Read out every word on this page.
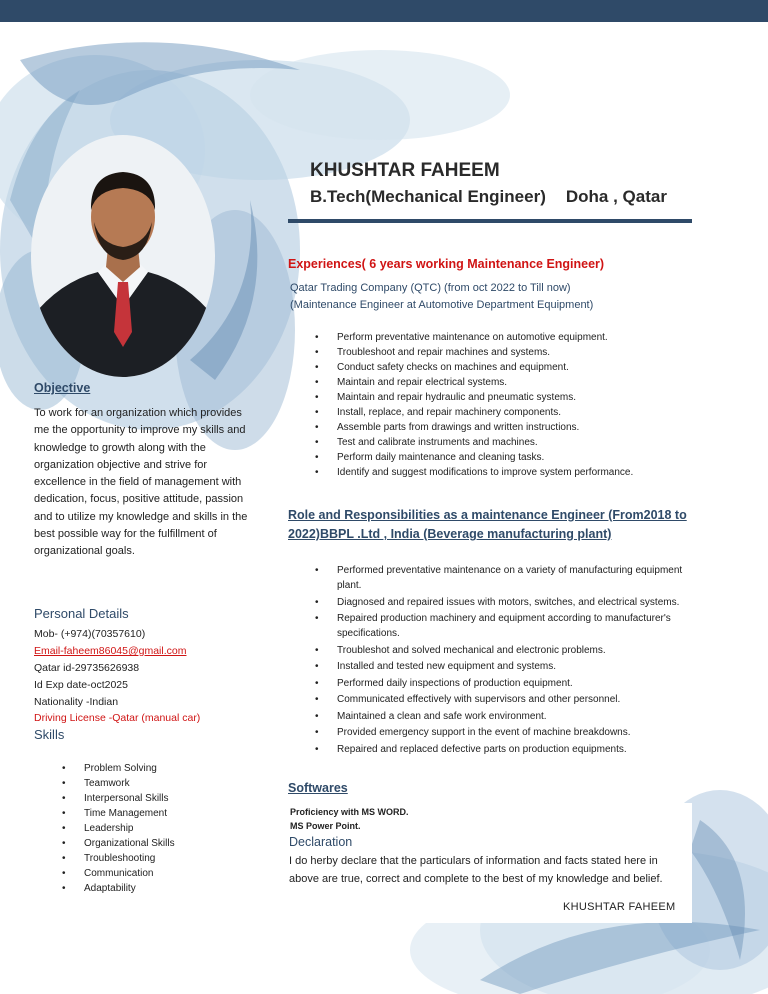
KHUSHTAR FAHEEM
B.Tech(Mechanical Engineer) Doha , Qatar
Experiences( 6 years working Maintenance Engineer)
Qatar Trading Company (QTC) (from oct 2022 to Till now)
(Maintenance Engineer at Automotive Department Equipment)
• Perform preventative maintenance on automotive equipment.
• Troubleshoot and repair machines and systems.
• Conduct safety checks on machines and equipment.
• Maintain and repair electrical systems.
• Maintain and repair hydraulic and pneumatic systems.
• Install, replace, and repair machinery components.
• Assemble parts from drawings and written instructions.
• Test and calibrate instruments and machines.
• Perform daily maintenance and cleaning tasks.
• Identify and suggest modifications to improve system performance.
Role and Responsibilities as a maintenance Engineer (From2018 to 2022)BBPL .Ltd , India (Beverage manufacturing plant)
• Performed preventative maintenance on a variety of manufacturing equipment plant.
• Diagnosed and repaired issues with motors, switches, and electrical systems.
• Repaired production machinery and equipment according to manufacturer's specifications.
• Troubleshot and solved mechanical and electronic problems.
• Installed and tested new equipment and systems.
• Performed daily inspections of production equipment.
• Communicated effectively with supervisors and other personnel.
• Maintained a clean and safe work environment.
• Provided emergency support in the event of machine breakdowns.
• Repaired and replaced defective parts on production equipments.
Softwares
Proficiency with MS WORD.
MS Power Point.
Declaration
I do herby declare that the particulars of information and facts stated here in above are true, correct and complete to the best of my knowledge and belief.
KHUSHTAR FAHEEM
Objective
To work for an organization which provides me the opportunity to improve my skills and knowledge to growth along with the organization objective and strive for excellence in the field of management with dedication, focus, positive attitude, passion and to utilize my knowledge and skills in the best possible way for the fulfillment of organizational goals.
Personal Details
Mob- (+974)(70357610)
Email-faheem86045@gmail.com
Qatar id-29735626938
Id Exp date-oct2025
Nationality -Indian
Driving License -Qatar (manual car)
Skills
• Problem Solving
• Teamwork
• Interpersonal Skills
• Time Management
• Leadership
• Organizational Skills
• Troubleshooting
• Communication
• Adaptability
